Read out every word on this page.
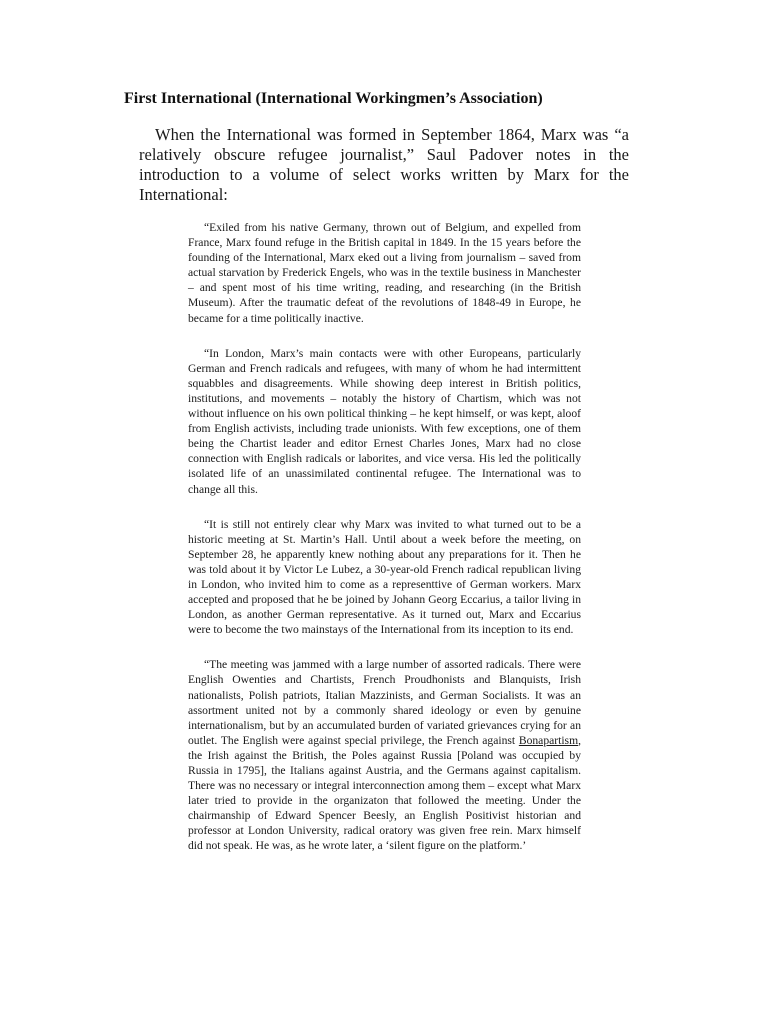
First International (International Workingmen’s Association)

When the International was formed in September 1864, Marx was “a relatively obscure refugee journalist,” Saul Padover notes in the introduction to a volume of select works written by Marx for the International:

“Exiled from his native Germany, thrown out of Belgium, and expelled from France, Marx found refuge in the British capital in 1849. In the 15 years before the founding of the International, Marx eked out a living from journalism – saved from actual starvation by Frederick Engels, who was in the textile business in Manchester – and spent most of his time writing, reading, and researching (in the British Museum). After the traumatic defeat of the revolutions of 1848-49 in Europe, he became for a time politically inactive.

“In London, Marx’s main contacts were with other Europeans, particularly German and French radicals and refugees, with many of whom he had intermittent squabbles and disagreements. While showing deep interest in British politics, institutions, and movements – notably the history of Chartism, which was not without influence on his own political thinking – he kept himself, or was kept, aloof from English activists, including trade unionists. With few exceptions, one of them being the Chartist leader and editor Ernest Charles Jones, Marx had no close connection with English radicals or laborites, and vice versa. His led the politically isolated life of an unassimilated continental refugee. The International was to change all this.

“It is still not entirely clear why Marx was invited to what turned out to be a historic meeting at St. Martin’s Hall. Until about a week before the meeting, on September 28, he apparently knew nothing about any preparations for it. Then he was told about it by Victor Le Lubez, a 30-year-old French radical republican living in London, who invited him to come as a representtive of German workers. Marx accepted and proposed that he be joined by Johann Georg Eccarius, a tailor living in London, as another German representative. As it turned out, Marx and Eccarius were to become the two mainstays of the International from its inception to its end.

“The meeting was jammed with a large number of assorted radicals. There were English Owenties and Chartists, French Proudhonists and Blanquists, Irish nationalists, Polish patriots, Italian Mazzinists, and German Socialists. It was an assortment united not by a commonly shared ideology or even by genuine internationalism, but by an accumulated burden of variated grievances crying for an outlet. The English were against special privilege, the French against Bonapartism, the Irish against the British, the Poles against Russia [Poland was occupied by Russia in 1795], the Italians against Austria, and the Germans against capitalism. There was no necessary or integral interconnection among them – except what Marx later tried to provide in the organizaton that followed the meeting. Under the chairmanship of Edward Spencer Beesly, an English Positivist historian and professor at London University, radical oratory was given free rein. Marx himself did not speak. He was, as he wrote later, a ‘silent figure on the platform.’
